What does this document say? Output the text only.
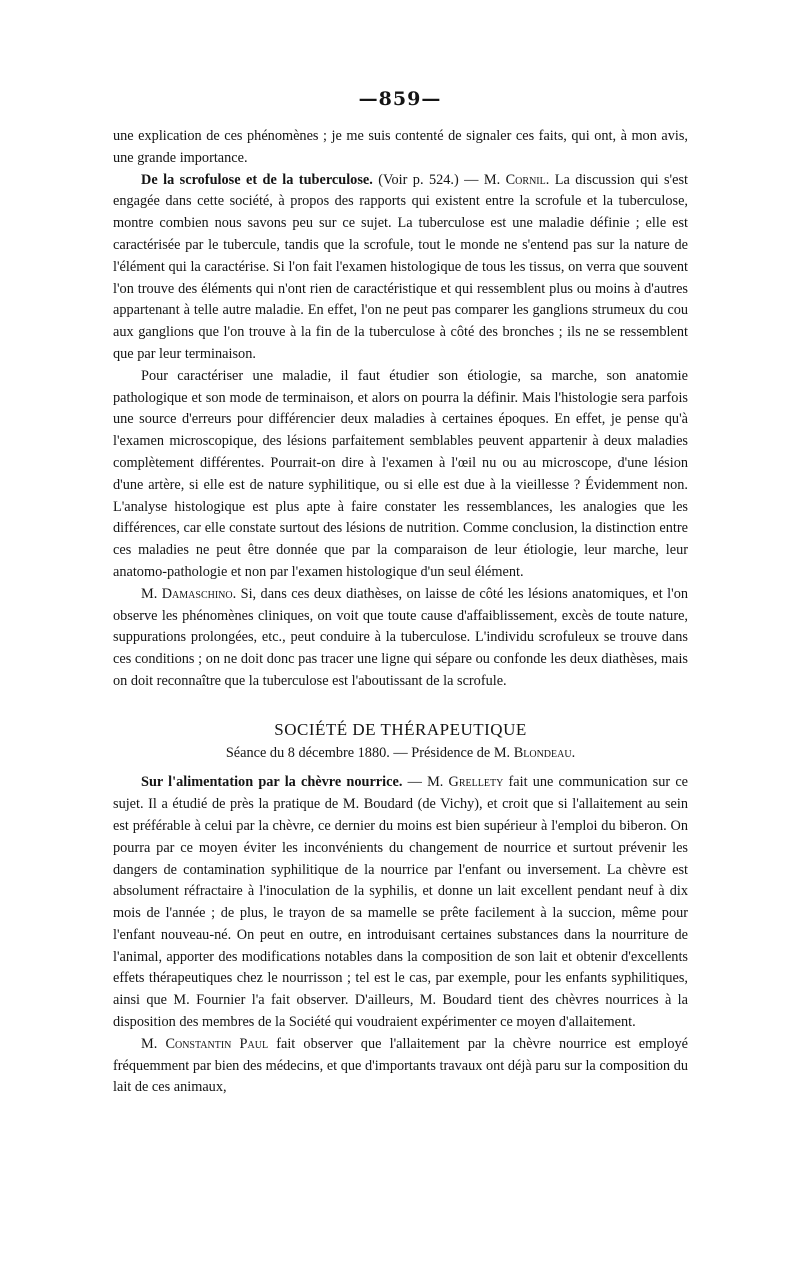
—859—

une explication de ces phénomènes ; je me suis contenté de signaler ces faits, qui ont, à mon avis, une grande importance.

De la scrofulose et de la tuberculose. (Voir p. 524.) — M. Cornil. La discussion qui s'est engagée dans cette société, à propos des rapports qui existent entre la scrofule et la tuberculose, montre combien nous savons peu sur ce sujet. La tuberculose est une maladie définie ; elle est caractérisée par le tubercule, tandis que la scrofule, tout le monde ne s'entend pas sur la nature de l'élément qui la caractérise. Si l'on fait l'examen histologique de tous les tissus, on verra que souvent l'on trouve des éléments qui n'ont rien de caractéristique et qui ressemblent plus ou moins à d'autres appartenant à telle autre maladie. En effet, l'on ne peut pas comparer les ganglions strumeux du cou aux ganglions que l'on trouve à la fin de la tuberculose à côté des bronches ; ils ne se ressemblent que par leur terminaison.

Pour caractériser une maladie, il faut étudier son étiologie, sa marche, son anatomie pathologique et son mode de terminaison, et alors on pourra la définir. Mais l'histologie sera parfois une source d'erreurs pour différencier deux maladies à certaines époques. En effet, je pense qu'à l'examen microscopique, des lésions parfaitement semblables peuvent appartenir à deux maladies complètement différentes. Pourrait-on dire à l'examen à l'œil nu ou au microscope, d'une lésion d'une artère, si elle est de nature syphilitique, ou si elle est due à la vieillesse ? Évidemment non. L'analyse histologique est plus apte à faire constater les ressemblances, les analogies que les différences, car elle constate surtout des lésions de nutrition. Comme conclusion, la distinction entre ces maladies ne peut être donnée que par la comparaison de leur étiologie, leur marche, leur anatomo-pathologie et non par l'examen histologique d'un seul élément.

M. Damaschino. Si, dans ces deux diathèses, on laisse de côté les lésions anatomiques, et l'on observe les phénomènes cliniques, on voit que toute cause d'affaiblissement, excès de toute nature, suppurations prolongées, etc., peut conduire à la tuberculose. L'individu scrofuleux se trouve dans ces conditions ; on ne doit donc pas tracer une ligne qui sépare ou confonde les deux diathèses, mais on doit reconnaître que la tuberculose est l'aboutissant de la scrofule.

SOCIÉTÉ DE THÉRAPEUTIQUE

Séance du 8 décembre 1880. — Présidence de M. Blondeau.

Sur l'alimentation par la chèvre nourrice. — M. Grellety fait une communication sur ce sujet. Il a étudié de près la pratique de M. Boudard (de Vichy), et croit que si l'allaitement au sein est préférable à celui par la chèvre, ce dernier du moins est bien supérieur à l'emploi du biberon. On pourra par ce moyen éviter les inconvénients du changement de nourrice et surtout prévenir les dangers de contamination syphilitique de la nourrice par l'enfant ou inversement. La chèvre est absolument réfractaire à l'inoculation de la syphilis, et donne un lait excellent pendant neuf à dix mois de l'année ; de plus, le trayon de sa mamelle se prête facilement à la succion, même pour l'enfant nouveau-né. On peut en outre, en introduisant certaines substances dans la nourriture de l'animal, apporter des modifications notables dans la composition de son lait et obtenir d'excellents effets thérapeutiques chez le nourrisson ; tel est le cas, par exemple, pour les enfants syphilitiques, ainsi que M. Fournier l'a fait observer. D'ailleurs, M. Boudard tient des chèvres nourrices à la disposition des membres de la Société qui voudraient expérimenter ce moyen d'allaitement.

M. Constantin Paul fait observer que l'allaitement par la chèvre nourrice est employé fréquemment par bien des médecins, et que d'importants travaux ont déjà paru sur la composition du lait de ces animaux,
